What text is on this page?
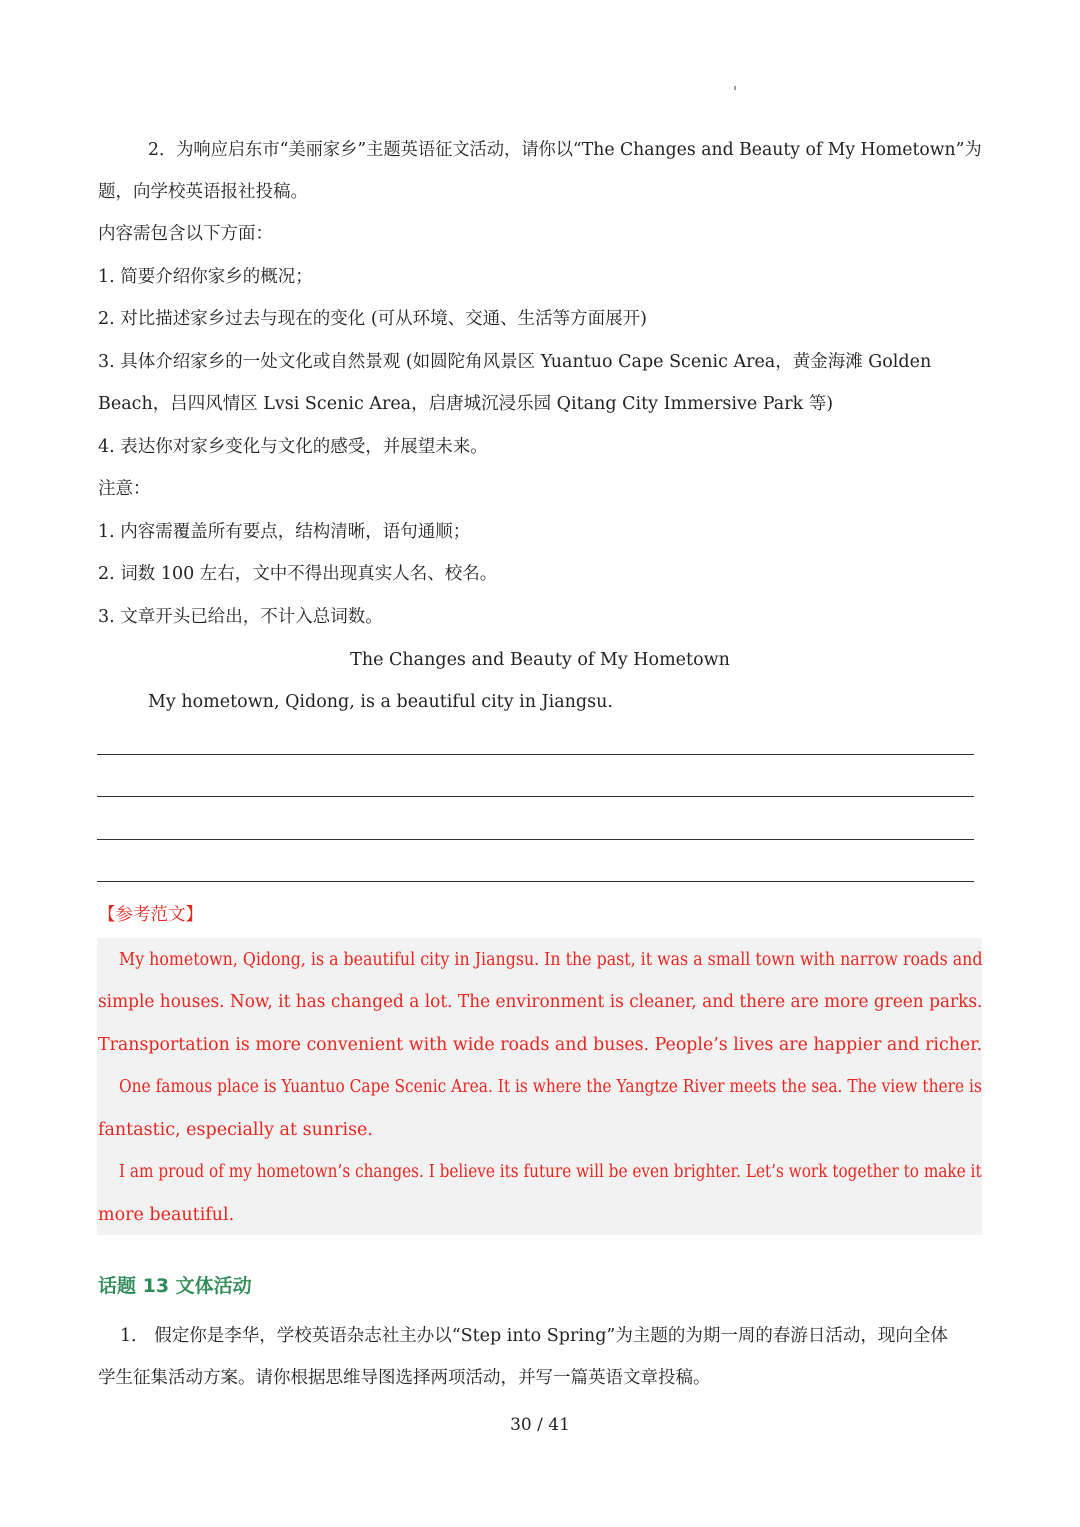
2．为响应启东市“美丽家乡”主题英语征文活动，请你以“The Changes and Beauty of My Hometown”为
题，向学校英语报社投稿。
内容需包含以下方面：
1. 简要介绍你家乡的概况；
2. 对比描述家乡过去与现在的变化 (可从环境、交通、生活等方面展开)
3. 具体介绍家乡的一处文化或自然景观 (如圆陀角风景区 Yuantuo Cape Scenic Area，黄金海滩 Golden
Beach，吕四风情区 Lvsi Scenic Area，启唐城沉浸乐园 Qitang City Immersive Park 等)
4. 表达你对家乡变化与文化的感受，并展望未来。
注意：
1. 内容需覆盖所有要点，结构清晰，语句通顺；
2. 词数 100 左右，文中不得出现真实人名、校名。
3. 文章开头已给出，不计入总词数。
The Changes and Beauty of My Hometown
My hometown, Qidong, is a beautiful city in Jiangsu.
【参考范文】
My hometown, Qidong, is a beautiful city in Jiangsu. In the past, it was a small town with narrow roads and
simple houses. Now, it has changed a lot. The environment is cleaner, and there are more green parks.
Transportation is more convenient with wide roads and buses. People’s lives are happier and richer.
One famous place is Yuantuo Cape Scenic Area. It is where the Yangtze River meets the sea. The view there is
fantastic, especially at sunrise.
I am proud of my hometown’s changes. I believe its future will be even brighter. Let’s work together to make it
more beautiful.
话题 13 文体活动
1． 假定你是李华，学校英语杂志社主办以“Step into Spring”为主题的为期一周的春游日活动，现向全体
学生征集活动方案。请你根据思维导图选择两项活动，并写一篇英语文章投稿。
30 / 41
